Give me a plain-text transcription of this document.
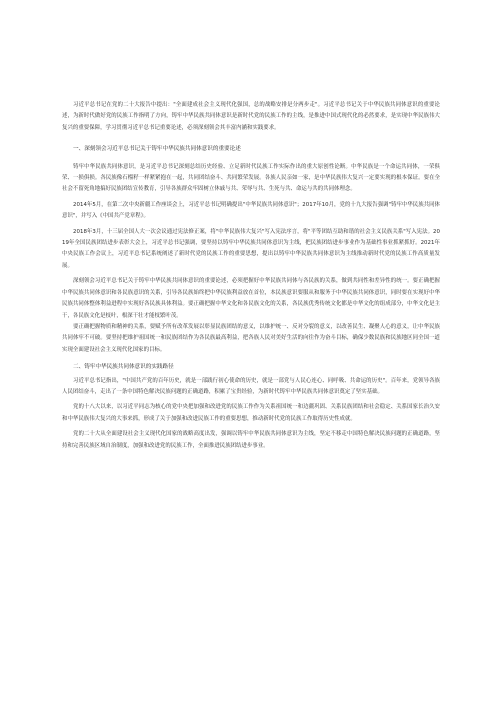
习近平总书记在党的二十大报告中提出："全面建成社会主义现代化强国，总的战略安排是分两步走"。习近平总书记关于中华民族共同体意识的重要论述，为新时代做好党的民族工作指明了方向，铸牢中华民族共同体意识是新时代党的民族工作的主线，是推进中国式现代化的必然要求，是实现中华民族伟大复兴的重要保障，学习贯彻习近平总书记重要论述，必须深刻领会其丰富内涵和实践要求。

一、深刻领会习近平总书记关于铸牢中华民族共同体意识的重要论述

铸牢中华民族共同体意识，是习近平总书记深刻总结历史经验、立足新时代民族工作实际作出的重大原创性论断。中华民族是一个命运共同体，一荣俱荣、一损俱损。各民族像石榴籽一样紧紧抱在一起，共同团结奋斗、共同繁荣发展。各族人民亲如一家，是中华民族伟大复兴一定要实现的根本保证。要在全社会不留死角地搞好民族团结宣传教育，引导各族群众牢固树立休戚与共、荣辱与共、生死与共、命运与共的共同体理念。

2014年5月，在第二次中央新疆工作座谈会上，习近平总书记明确提出"中华民族共同体意识"；2017年10月，党的十九大报告强调"铸牢中华民族共同体意识"，并写入《中国共产党章程》。

2018年3月，十三届全国人大一次会议通过宪法修正案，将"中华民族伟大复兴"写入宪法序言，将"平等团结互助和谐的社会主义民族关系"写入宪法。2019年全国民族团结进步表彰大会上，习近平总书记强调，要坚持以铸牢中华民族共同体意识为主线，把民族团结进步事业作为基础性事业抓紧抓好。2021年中央民族工作会议上，习近平总书记系统阐述了新时代党的民族工作的重要思想，提出以铸牢中华民族共同体意识为主线推动新时代党的民族工作高质量发展。

深刻领会习近平总书记关于铸牢中华民族共同体意识的重要论述，必须把握好中华民族共同体与各民族的关系，做到共同性和差异性的统一。要正确把握中华民族共同体意识和各民族意识的关系，引导各民族始终把中华民族利益放在首位，本民族意识要服从和服务于中华民族共同体意识，同时要在实现好中华民族共同体整体利益进程中实现好各民族具体利益。要正确把握中华文化和各民族文化的关系，各民族优秀传统文化都是中华文化的组成部分，中华文化是主干，各民族文化是枝叶，根深干壮才能枝繁叶茂。

要正确把握物质和精神的关系，要赋予所有改革发展以彰显民族团结的意义，以维护统一、反对分裂的意义，以改善民生、凝聚人心的意义，让中华民族共同体牢不可破。要坚持把维护祖国统一和民族团结作为各民族最高利益，把各族人民对美好生活的向往作为奋斗目标，确保少数民族和民族地区同全国一道实现全面建设社会主义现代化国家的目标。

二、铸牢中华民族共同体意识的实践路径

习近平总书记指出，"中国共产党的百年历史，就是一部践行初心使命的历史，就是一部党与人民心连心、同呼吸、共命运的历史"。百年来，党领导各族人民团结奋斗，走出了一条中国特色解决民族问题的正确道路，积累了宝贵经验，为新时代铸牢中华民族共同体意识奠定了坚实基础。

党的十八大以来，以习近平同志为核心的党中央把加强和改进党的民族工作作为关系祖国统一和边疆巩固、关系民族团结和社会稳定、关系国家长治久安和中华民族伟大复兴的大事来抓，形成了关于加强和改进民族工作的重要思想，推动新时代党的民族工作取得历史性成就。

党的二十大从全面建设社会主义现代化国家的战略高度出发，强调以铸牢中华民族共同体意识为主线，坚定不移走中国特色解决民族问题的正确道路，坚持和完善民族区域自治制度，加强和改进党的民族工作，全面推进民族团结进步事业。
